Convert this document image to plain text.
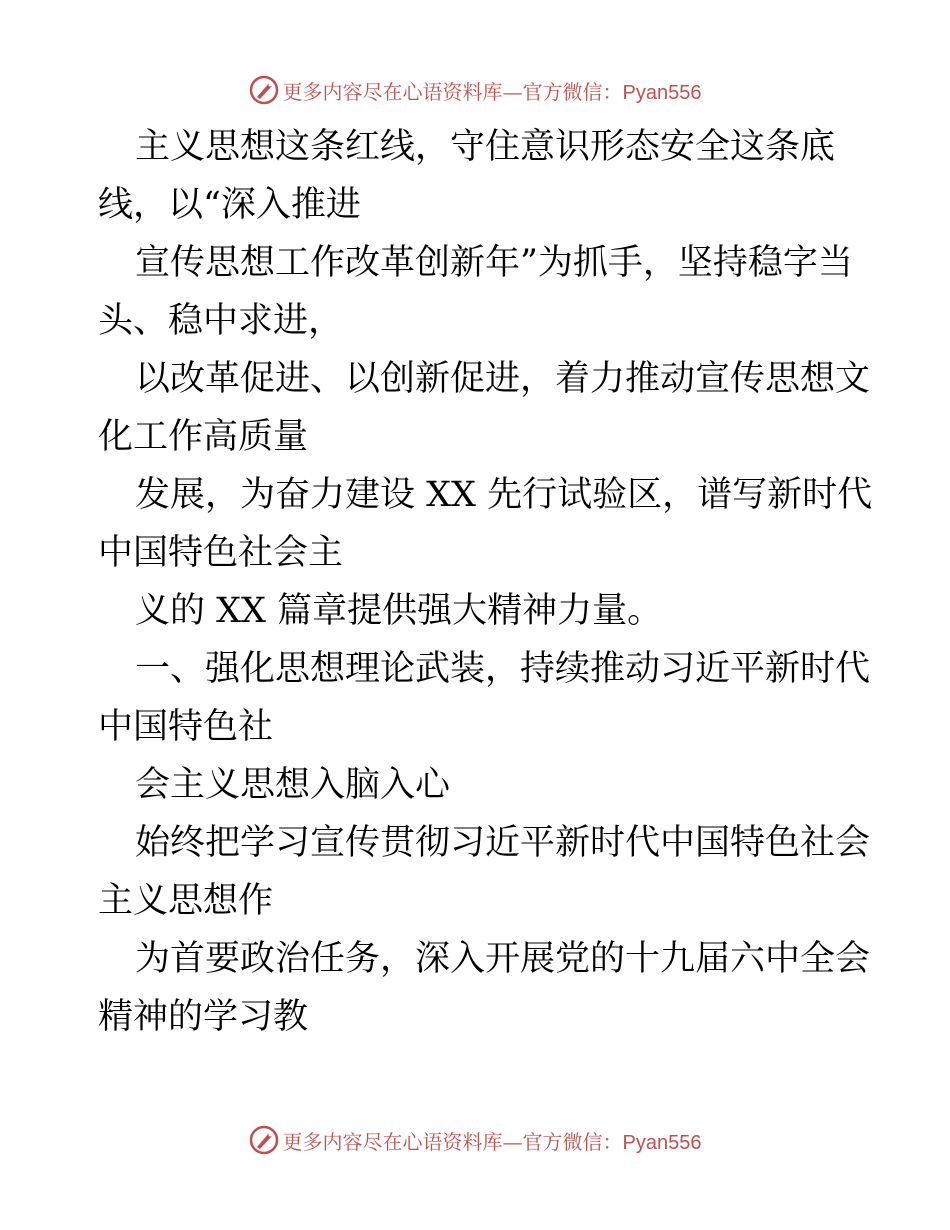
更多内容尽在心语资料库—官方微信：Pyan556

主义思想这条红线，守住意识形态安全这条底

线，以“深入推进

宣传思想工作改革创新年”为抓手，坚持稳字当

头、稳中求进，

以改革促进、以创新促进，着力推动宣传思想文

化工作高质量

发展，为奋力建设 XX 先行试验区，谱写新时代

中国特色社会主

义的 XX 篇章提供强大精神力量。

一、强化思想理论武装，持续推动习近平新时代

中国特色社

会主义思想入脑入心

始终把学习宣传贯彻习近平新时代中国特色社会

主义思想作

为首要政治任务，深入开展党的十九届六中全会

精神的学习教

更多内容尽在心语资料库—官方微信：Pyan556
